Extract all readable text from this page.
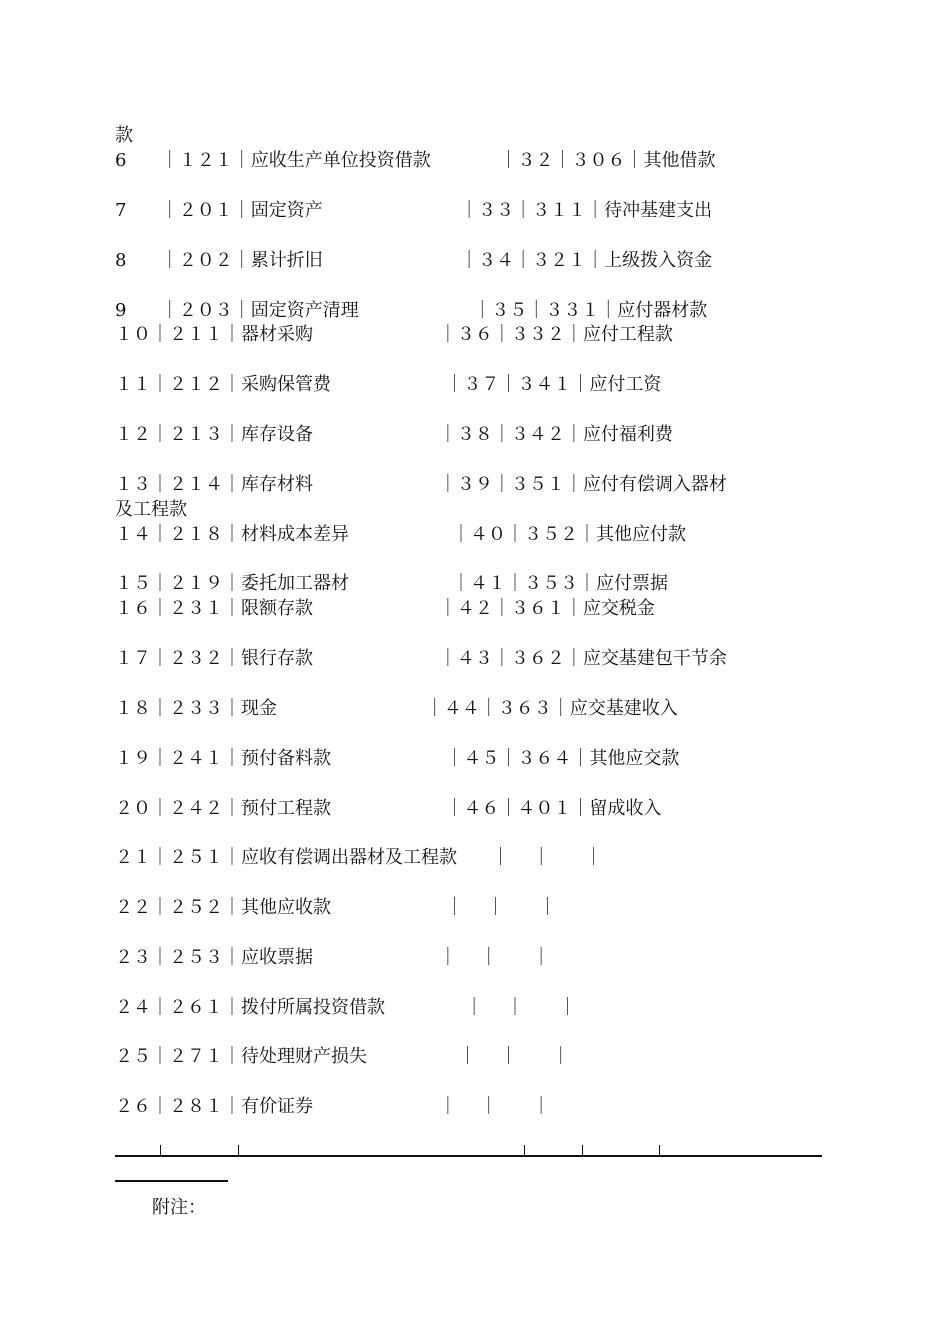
款
6      ｜１２１｜应收生产单位投资借款            ｜３２｜３０６｜其他借款
7      ｜２０１｜固定资产                        ｜３３｜３１１｜待冲基建支出
8      ｜２０２｜累计折旧                        ｜３４｜３２１｜上级拨入资金
9      ｜２０３｜固定资产清理                    ｜３５｜３３１｜应付器材款
１０｜２１１｜器材采购                      ｜３６｜３３２｜应付工程款
１１｜２１２｜采购保管费                    ｜３７｜３４１｜应付工资
１２｜２１３｜库存设备                      ｜３８｜３４２｜应付福利费
１３｜２１４｜库存材料                      ｜３９｜３５１｜应付有偿调入器材
及工程款
１４｜２１８｜材料成本差异                  ｜４０｜３５２｜其他应付款
１５｜２１９｜委托加工器材                  ｜４１｜３５３｜应付票据
１６｜２３１｜限额存款                      ｜４２｜３６１｜应交税金
１７｜２３２｜银行存款                      ｜４３｜３６２｜应交基建包干节余
１８｜２３３｜现金                          ｜４４｜３６３｜应交基建收入
１９｜２４１｜预付备料款                    ｜４５｜３６４｜其他应交款
２０｜２４２｜预付工程款                    ｜４６｜４０１｜留成收入
２１｜２５１｜应收有偿调出器材及工程款      ｜    ｜      ｜
２２｜２５２｜其他应收款                    ｜    ｜      ｜
２３｜２５３｜应收票据                      ｜    ｜      ｜
２４｜２６１｜拨付所属投资借款              ｜    ｜      ｜
２５｜２７１｜待处理财产损失                ｜    ｜      ｜
２６｜２８１｜有价证券                      ｜    ｜      ｜
附注：
